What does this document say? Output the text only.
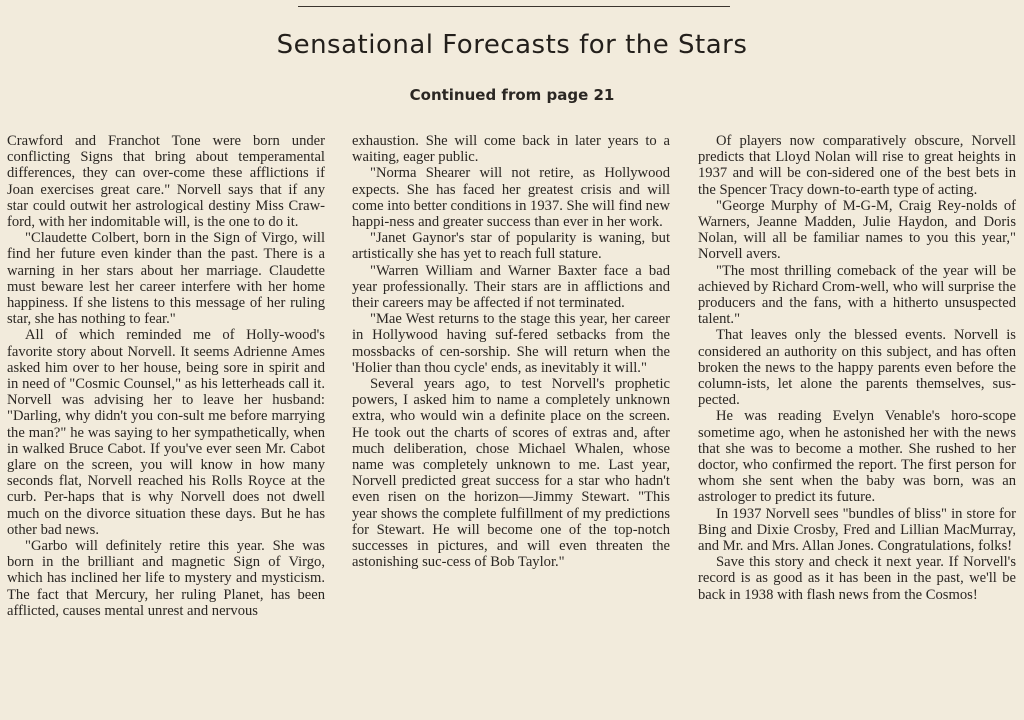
Sensational Forecasts for the Stars
Continued from page 21

Crawford and Franchot Tone were born under conflicting Signs that bring about temperamental differences, they can over-come these afflictions if Joan exercises great care." Norvell says that if any star could outwit her astrological destiny Miss Craw-ford, with her indomitable will, is the one to do it.

"Claudette Colbert, born in the Sign of Virgo, will find her future even kinder than the past. There is a warning in her stars about her marriage. Claudette must beware lest her career interfere with her home happiness. If she listens to this message of her ruling star, she has nothing to fear."

All of which reminded me of Holly-wood's favorite story about Norvell. It seems Adrienne Ames asked him over to her house, being sore in spirit and in need of "Cosmic Counsel," as his letterheads call it. Norvell was advising her to leave her husband: "Darling, why didn't you con-sult me before marrying the man?" he was saying to her sympathetically, when in walked Bruce Cabot. If you've ever seen Mr. Cabot glare on the screen, you will know in how many seconds flat, Norvell reached his Rolls Royce at the curb. Per-haps that is why Norvell does not dwell much on the divorce situation these days. But he has other bad news.

"Garbo will definitely retire this year. She was born in the brilliant and magnetic Sign of Virgo, which has inclined her life to mystery and mysticism. The fact that Mercury, her ruling Planet, has been afflicted, causes mental unrest and nervous

exhaustion. She will come back in later years to a waiting, eager public.

"Norma Shearer will not retire, as Hollywood expects. She has faced her greatest crisis and will come into better conditions in 1937. She will find new happi-ness and greater success than ever in her work.

"Janet Gaynor's star of popularity is waning, but artistically she has yet to reach full stature.

"Warren William and Warner Baxter face a bad year professionally. Their stars are in afflictions and their careers may be affected if not terminated.

"Mae West returns to the stage this year, her career in Hollywood having suf-fered setbacks from the mossbacks of cen-sorship. She will return when the 'Holier than thou cycle' ends, as inevitably it will."

Several years ago, to test Norvell's prophetic powers, I asked him to name a completely unknown extra, who would win a definite place on the screen. He took out the charts of scores of extras and, after much deliberation, chose Michael Whalen, whose name was completely unknown to me. Last year, Norvell predicted great success for a star who hadn't even risen on the horizon—Jimmy Stewart. "This year shows the complete fulfillment of my predictions for Stewart. He will become one of the top-notch successes in pictures, and will even threaten the astonishing suc-cess of Bob Taylor."

Of players now comparatively obscure, Norvell predicts that Lloyd Nolan will rise to great heights in 1937 and will be con-sidered one of the best bets in the Spencer Tracy down-to-earth type of acting.

"George Murphy of M-G-M, Craig Rey-nolds of Warners, Jeanne Madden, Julie Haydon, and Doris Nolan, will all be familiar names to you this year," Norvell avers.

"The most thrilling comeback of the year will be achieved by Richard Crom-well, who will surprise the producers and the fans, with a hitherto unsuspected talent."

That leaves only the blessed events. Norvell is considered an authority on this subject, and has often broken the news to the happy parents even before the column-ists, let alone the parents themselves, sus-pected.

He was reading Evelyn Venable's horo-scope sometime ago, when he astonished her with the news that she was to become a mother. She rushed to her doctor, who confirmed the report. The first person for whom she sent when the baby was born, was an astrologer to predict its future.

In 1937 Norvell sees "bundles of bliss" in store for Bing and Dixie Crosby, Fred and Lillian MacMurray, and Mr. and Mrs. Allan Jones. Congratulations, folks!

Save this story and check it next year. If Norvell's record is as good as it has been in the past, we'll be back in 1938 with flash news from the Cosmos!
